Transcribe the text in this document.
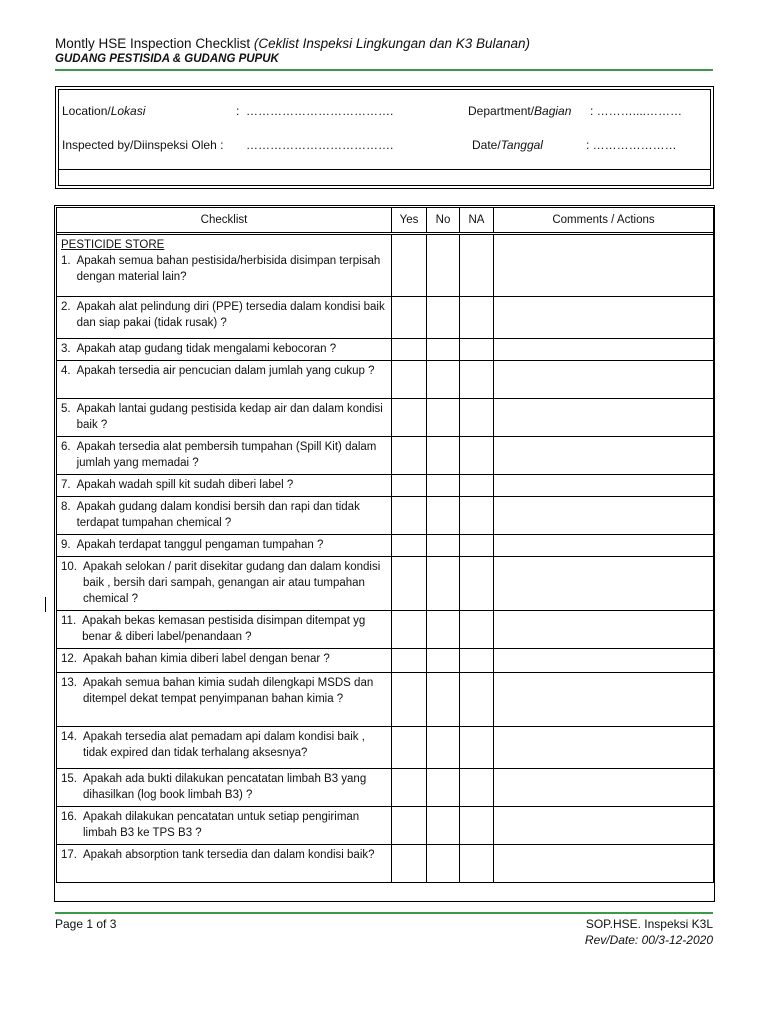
Montly HSE Inspection Checklist (Ceklist Inspeksi Lingkungan dan K3 Bulanan)
GUDANG PESTISIDA & GUDANG PUPUK
Location/Lokasi	: ……………………………….	Department/Bagian : ………....………
Inspected by/Diinspeksi Oleh : ……………………………….	Date/Tanggal	: …………………
Checklist	Yes	No	NA	Comments / Actions

PESTICIDE STORE
1. Apakah semua bahan pestisida/herbisida disimpan terpisah dengan material lain?				

2. Apakah alat pelindung diri (PPE) tersedia dalam kondisi baik dan siap pakai (tidak rusak) ?				

3. Apakah atap gudang tidak mengalami kebocoran ?				

4. Apakah tersedia air pencucian dalam jumlah yang cukup ?				

5. Apakah lantai gudang pestisida kedap air dan dalam kondisi baik ?				

6. Apakah tersedia alat pembersih tumpahan (Spill Kit) dalam jumlah yang memadai ?				

7. Apakah wadah spill kit sudah diberi label ?				

8. Apakah gudang dalam kondisi bersih dan rapi dan tidak terdapat tumpahan chemical ?				

9. Apakah terdapat tanggul pengaman tumpahan ?				

10. Apakah selokan / parit disekitar gudang dan dalam kondisi baik , bersih dari sampah, genangan air atau tumpahan chemical ?				

11. Apakah bekas kemasan pestisida disimpan ditempat yg benar & diberi label/penandaan ?				

12. Apakah bahan kimia diberi label dengan benar ?				

13. Apakah semua bahan kimia sudah dilengkapi MSDS dan ditempel dekat tempat penyimpanan bahan kimia ?				

14. Apakah tersedia alat pemadam api dalam kondisi baik , tidak expired dan tidak terhalang aksesnya?				

15. Apakah ada bukti dilakukan pencatatan limbah B3 yang dihasilkan (log book limbah B3) ?				

16. Apakah dilakukan pencatatan untuk setiap pengiriman limbah B3 ke TPS B3 ?				

17. Apakah absorption tank tersedia dan dalam kondisi baik?				

Page 1 of 3	SOP.HSE. Inspeksi K3L
Rev/Date: 00/3-12-2020
